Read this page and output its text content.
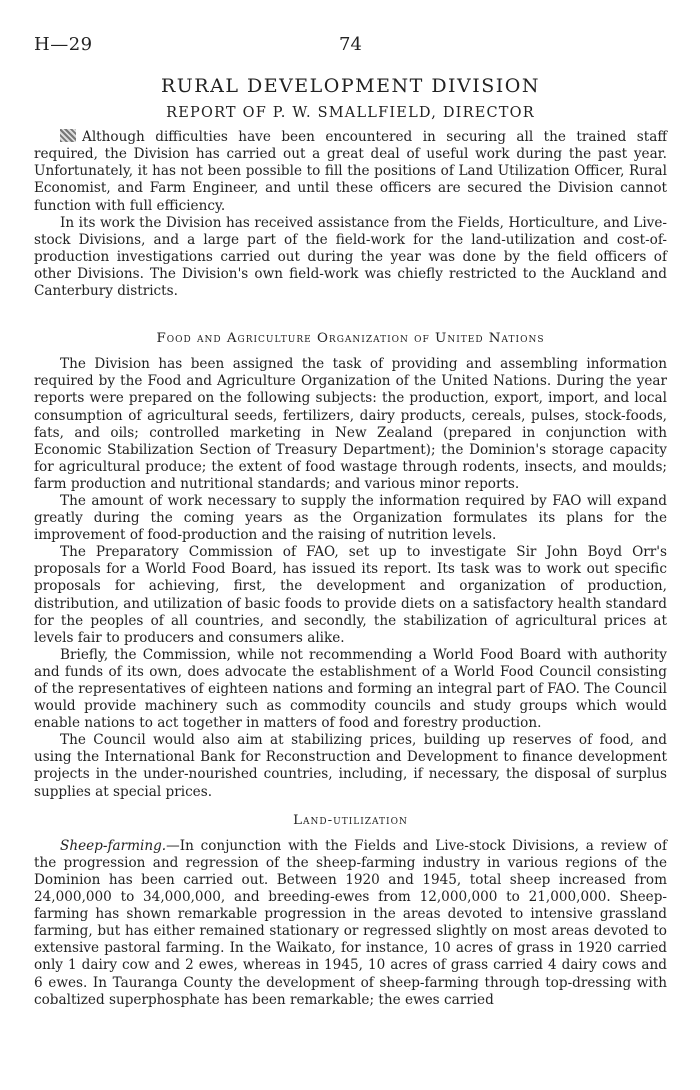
H—29	74
RURAL DEVELOPMENT DIVISION
REPORT OF P. W. SMALLFIELD, DIRECTOR

Although difficulties have been encountered in securing all the trained staff required, the Division has carried out a great deal of useful work during the past year. Unfortunately, it has not been possible to fill the positions of Land Utilization Officer, Rural Economist, and Farm Engineer, and until these officers are secured the Division cannot function with full efficiency.

In its work the Division has received assistance from the Fields, Horticulture, and Live-stock Divisions, and a large part of the field-work for the land-utilization and cost-of-production investigations carried out during the year was done by the field officers of other Divisions. The Division's own field-work was chiefly restricted to the Auckland and Canterbury districts.

Food and Agriculture Organization of United Nations

The Division has been assigned the task of providing and assembling information required by the Food and Agriculture Organization of the United Nations. During the year reports were prepared on the following subjects: the production, export, import, and local consumption of agricultural seeds, fertilizers, dairy products, cereals, pulses, stock-foods, fats, and oils; controlled marketing in New Zealand (prepared in conjunction with Economic Stabilization Section of Treasury Department); the Dominion's storage capacity for agricultural produce; the extent of food wastage through rodents, insects, and moulds; farm production and nutritional standards; and various minor reports.

The amount of work necessary to supply the information required by FAO will expand greatly during the coming years as the Organization formulates its plans for the improvement of food-production and the raising of nutrition levels.

The Preparatory Commission of FAO, set up to investigate Sir John Boyd Orr's proposals for a World Food Board, has issued its report. Its task was to work out specific proposals for achieving, first, the development and organization of production, distribution, and utilization of basic foods to provide diets on a satisfactory health standard for the peoples of all countries, and secondly, the stabilization of agricultural prices at levels fair to producers and consumers alike.

Briefly, the Commission, while not recommending a World Food Board with authority and funds of its own, does advocate the establishment of a World Food Council consisting of the representatives of eighteen nations and forming an integral part of FAO. The Council would provide machinery such as commodity councils and study groups which would enable nations to act together in matters of food and forestry production.

The Council would also aim at stabilizing prices, building up reserves of food, and using the International Bank for Reconstruction and Development to finance development projects in the under-nourished countries, including, if necessary, the disposal of surplus supplies at special prices.

Land-utilization

Sheep-farming.—In conjunction with the Fields and Live-stock Divisions, a review of the progression and regression of the sheep-farming industry in various regions of the Dominion has been carried out. Between 1920 and 1945, total sheep increased from 24,000,000 to 34,000,000, and breeding-ewes from 12,000,000 to 21,000,000. Sheep-farming has shown remarkable progression in the areas devoted to intensive grassland farming, but has either remained stationary or regressed slightly on most areas devoted to extensive pastoral farming. In the Waikato, for instance, 10 acres of grass in 1920 carried only 1 dairy cow and 2 ewes, whereas in 1945, 10 acres of grass carried 4 dairy cows and 6 ewes. In Tauranga County the development of sheep-farming through top-dressing with cobaltized superphosphate has been remarkable; the ewes carried
